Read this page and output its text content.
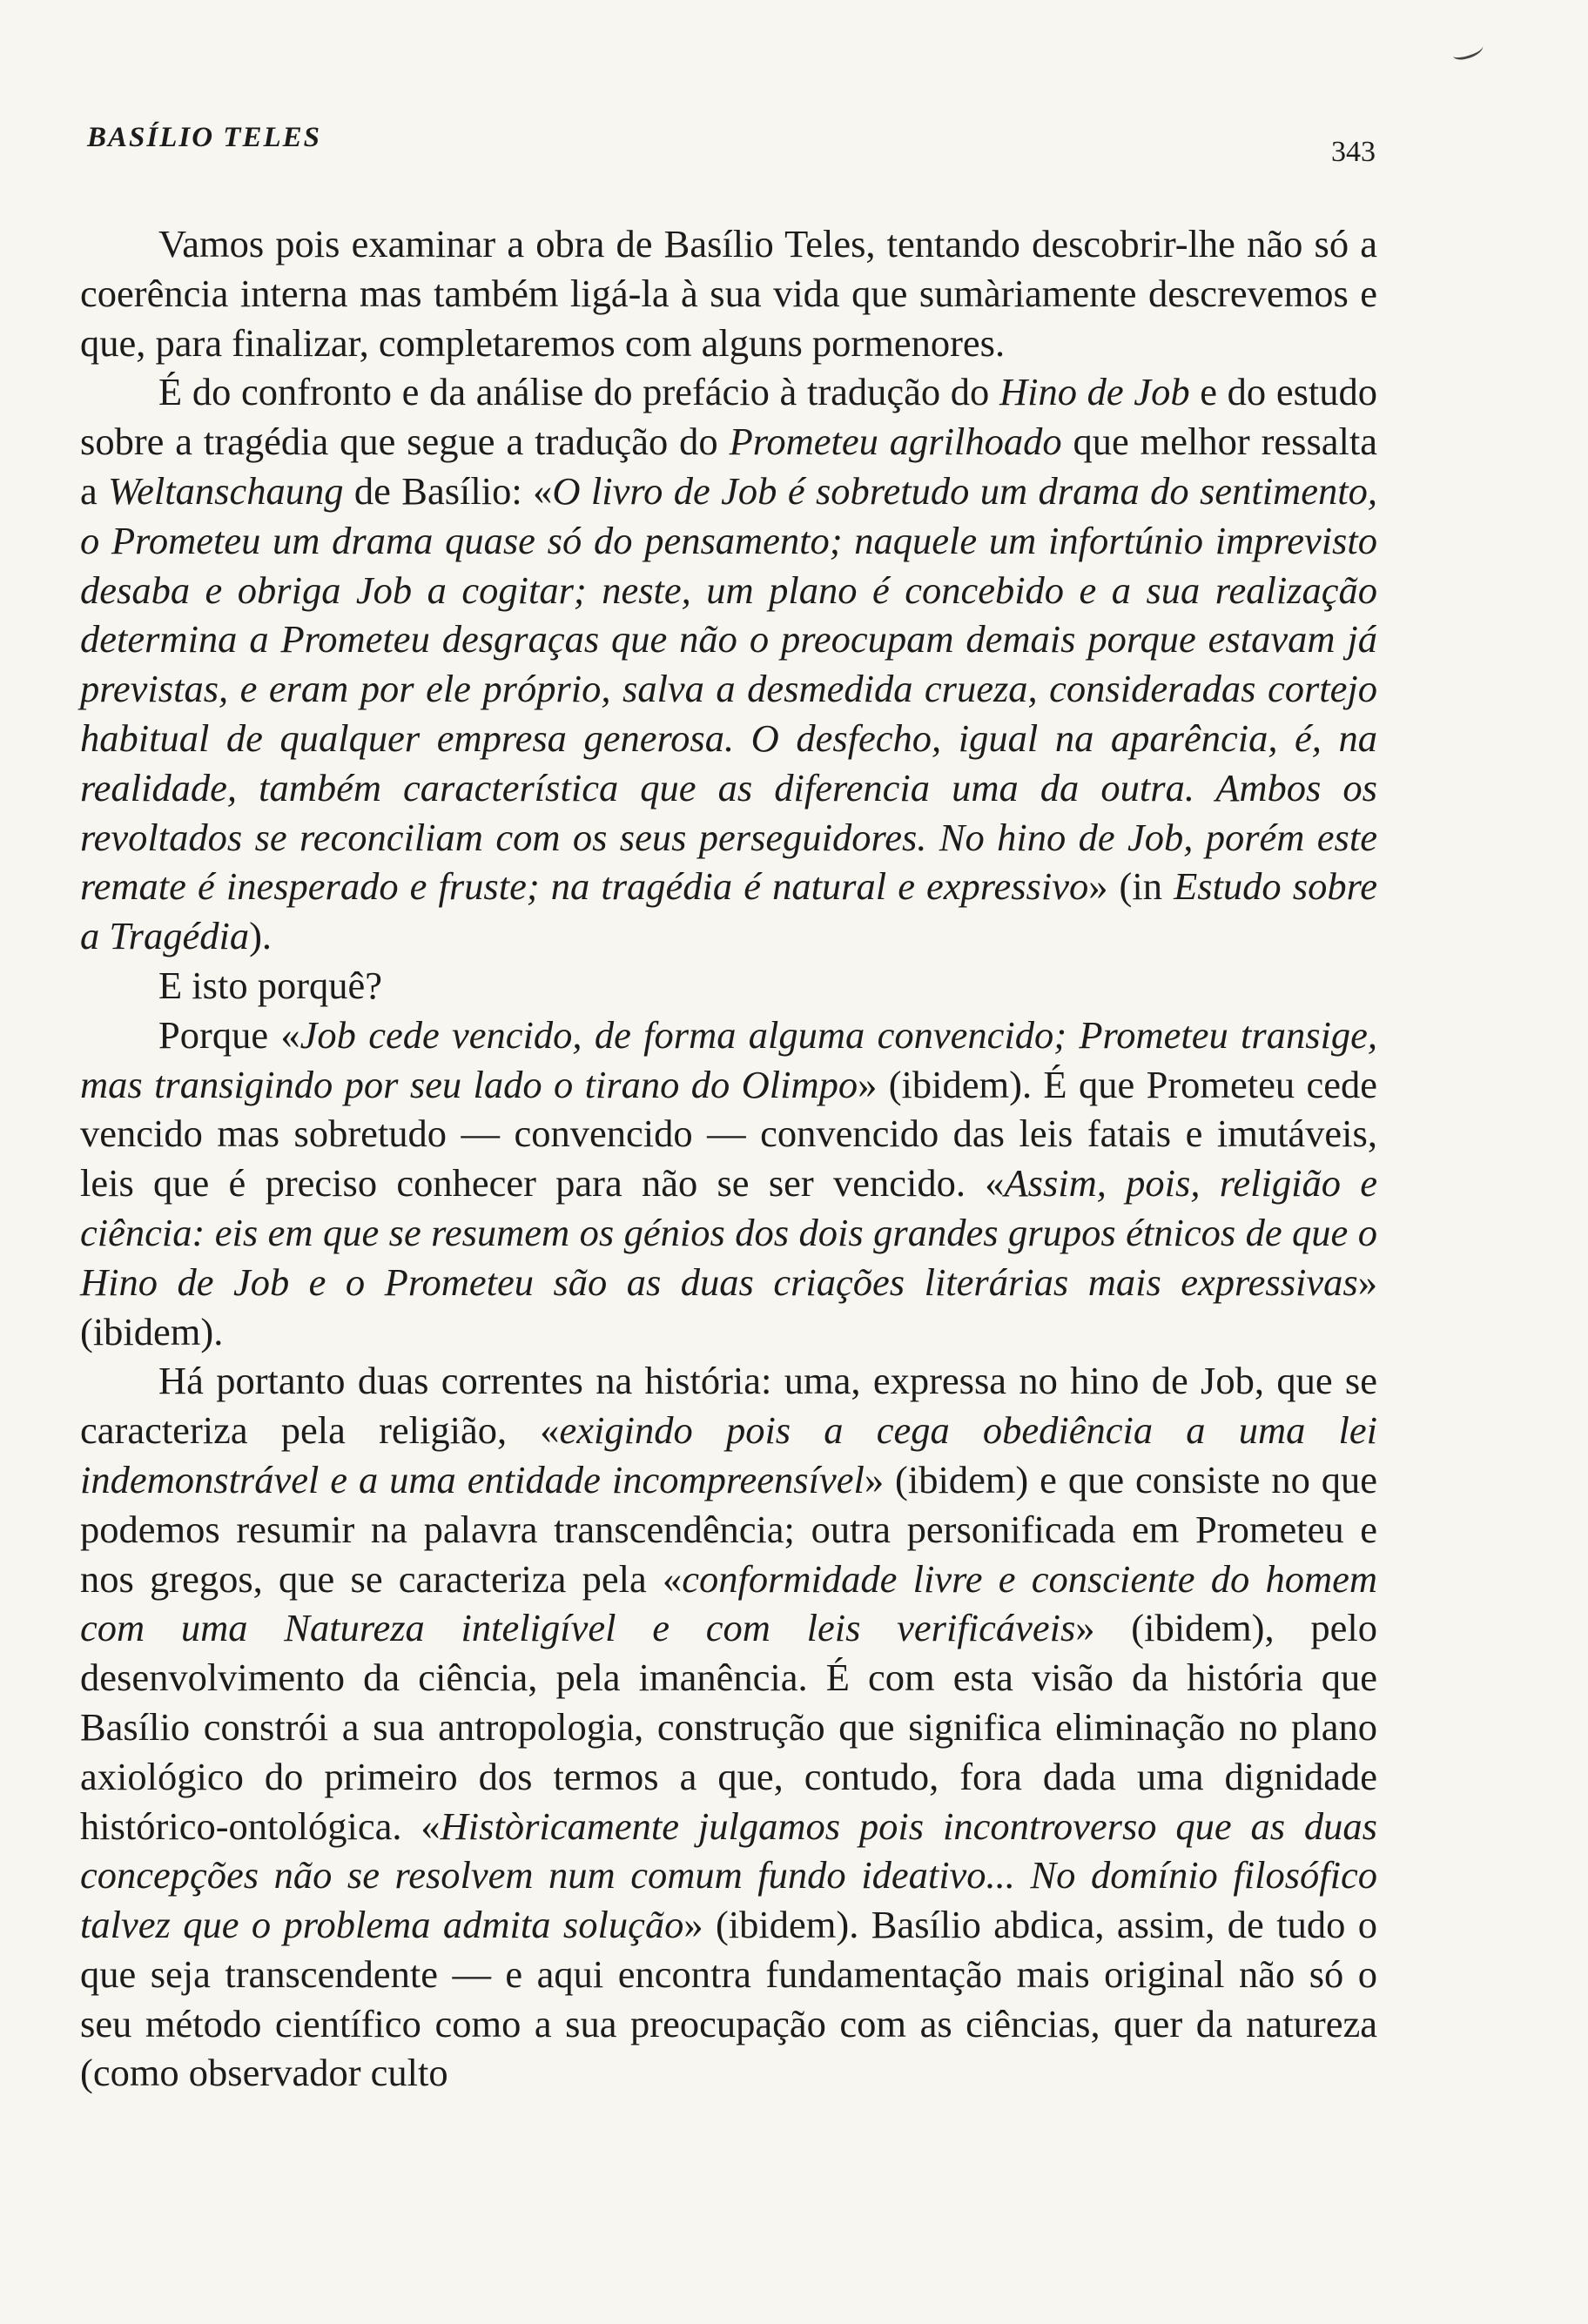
BASÍLIO TELES	343

Vamos pois examinar a obra de Basílio Teles, tentando descobrir-lhe não só a coerência interna mas também ligá-la à sua vida que sumàriamente descrevemos e que, para finalizar, completaremos com alguns pormenores.

É do confronto e da análise do prefácio à tradução do Hino de Job e do estudo sobre a tragédia que segue a tradução do Prometeu agrilhoado que melhor ressalta a Weltanschaung de Basílio: «O livro de Job é sobretudo um drama do sentimento, o Prometeu um drama quase só do pensamento; naquele um infortúnio imprevisto desaba e obriga Job a cogitar; neste, um plano é concebido e a sua realização determina a Prometeu desgraças que não o preocupam demais porque estavam já previstas, e eram por ele próprio, salva a desmedida crueza, consideradas cortejo habitual de qualquer empresa generosa. O desfecho, igual na aparência, é, na realidade, também característica que as diferencia uma da outra. Ambos os revoltados se reconciliam com os seus perseguidores. No hino de Job, porém este remate é inesperado e fruste; na tragédia é natural e expressivo» (in Estudo sobre a Tragédia).

E isto porquê?

Porque «Job cede vencido, de forma alguma convencido; Prometeu transige, mas transigindo por seu lado o tirano do Olimpo» (ibidem). É que Prometeu cede vencido mas sobretudo — convencido — convencido das leis fatais e imutáveis, leis que é preciso conhecer para não se ser vencido. «Assim, pois, religião e ciência: eis em que se resumem os génios dos dois grandes grupos étnicos de que o Hino de Job e o Prometeu são as duas criações literárias mais expressivas» (ibidem).

Há portanto duas correntes na história: uma, expressa no hino de Job, que se caracteriza pela religião, «exigindo pois a cega obediência a uma lei indemonstrável e a uma entidade incompreensível» (ibidem) e que consiste no que podemos resumir na palavra transcendência; outra personificada em Prometeu e nos gregos, que se caracteriza pela «conformidade livre e consciente do homem com uma Natureza inteligível e com leis verificáveis» (ibidem), pelo desenvolvimento da ciência, pela imanência. É com esta visão da história que Basílio constrói a sua antropologia, construção que significa eliminação no plano axiológico do primeiro dos termos a que, contudo, fora dada uma dignidade histórico-ontológica. «Històricamente julgamos pois incontroverso que as duas concepções não se resolvem num comum fundo ideativo... No domínio filosófico talvez que o problema admita solução» (ibidem). Basílio abdica, assim, de tudo o que seja transcendente — e aqui encontra fundamentação mais original não só o seu método científico como a sua preocupação com as ciências, quer da natureza (como observador culto
